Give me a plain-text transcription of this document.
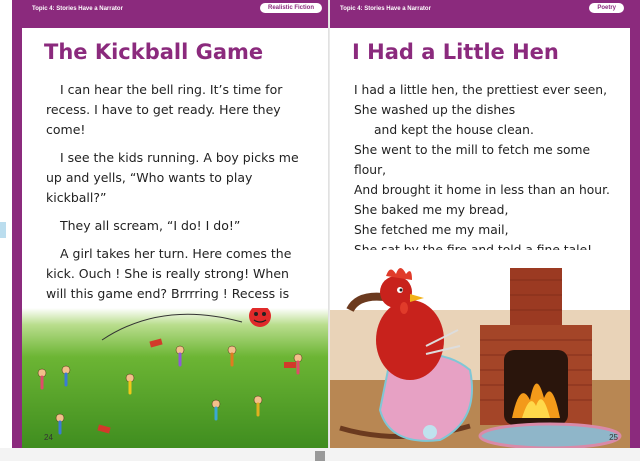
Topic 4: Stories Have a Narrator	Realistic Fiction
The Kickball Game

I can hear the bell ring. It’s time for recess. I have to get ready. Here they come!

I see the kids running. A boy picks me up and yells, “Who wants to play kickball?”

They all scream, “I do! I do!”

A girl takes her turn. Here comes the kick. Ouch ! She is really strong! When will this game end? Brrrring ! Recess is

24
Topic 4: Stories Have a Narrator	Poetry
I Had a Little Hen
I had a little hen, the prettiest ever seen,
She washed up the dishes
and kept the house clean.
She went to the mill to fetch me some flour,
And brought it home in less than an hour.
She baked me my bread,
She fetched me my mail,
25
